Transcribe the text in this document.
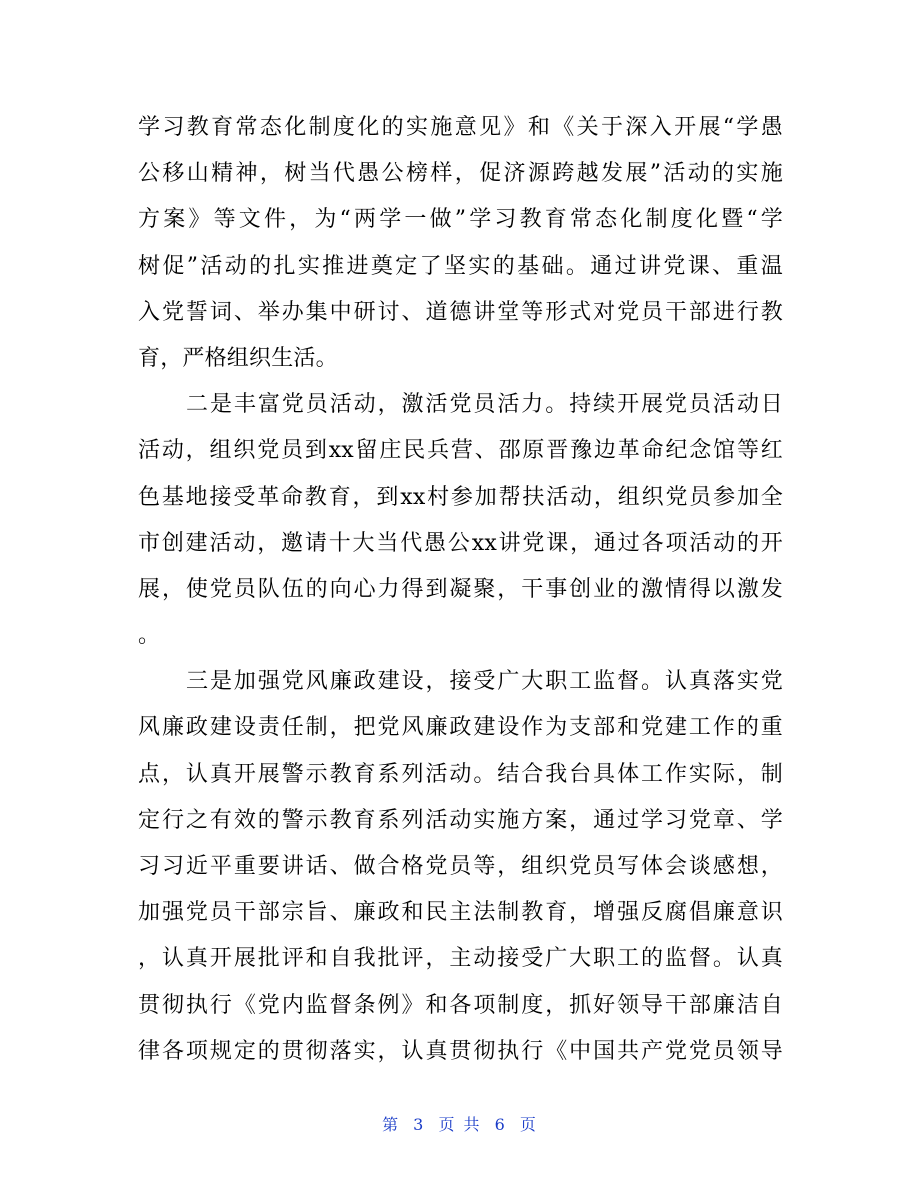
学习教育常态化制度化的实施意见》和《关于深入开展“学愚
公移山精神，树当代愚公榜样，促济源跨越发展”活动的实施
方案》等文件，为“两学一做”学习教育常态化制度化暨“学
树促”活动的扎实推进奠定了坚实的基础。通过讲党课、重温
入党誓词、举办集中研讨、道德讲堂等形式对党员干部进行教
育，严格组织生活。
二是丰富党员活动，激活党员活力。持续开展党员活动日
活动，组织党员到xx留庄民兵营、邵原晋豫边革命纪念馆等红
色基地接受革命教育，到xx村参加帮扶活动，组织党员参加全
市创建活动，邀请十大当代愚公xx讲党课，通过各项活动的开
展，使党员队伍的向心力得到凝聚，干事创业的激情得以激发
。
三是加强党风廉政建设，接受广大职工监督。认真落实党
风廉政建设责任制，把党风廉政建设作为支部和党建工作的重
点，认真开展警示教育系列活动。结合我台具体工作实际，制
定行之有效的警示教育系列活动实施方案，通过学习党章、学
习习近平重要讲话、做合格党员等，组织党员写体会谈感想，
加强党员干部宗旨、廉政和民主法制教育，增强反腐倡廉意识
，认真开展批评和自我批评，主动接受广大职工的监督。认真
贯彻执行《党内监督条例》和各项制度，抓好领导干部廉洁自
律各项规定的贯彻落实，认真贯彻执行《中国共产党党员领导
第 3 页 共 6 页
